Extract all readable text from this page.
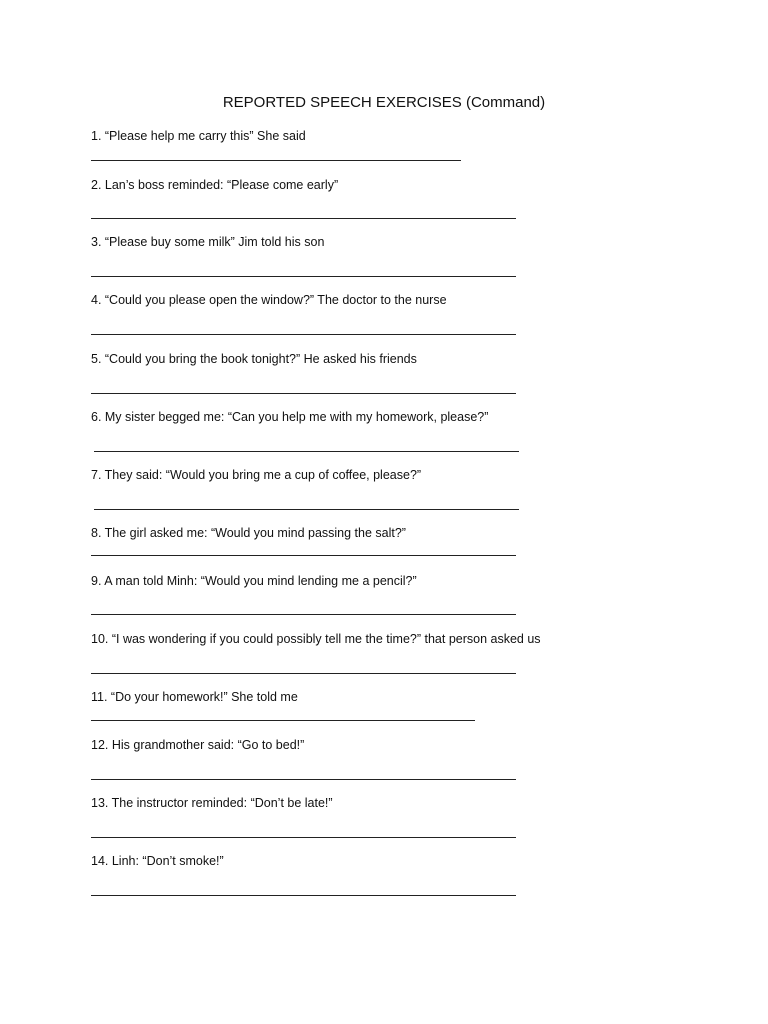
REPORTED SPEECH EXERCISES (Command)
1. “Please help me carry this” She said
2. Lan’s boss reminded: “Please come early”
3. “Please buy some milk” Jim told his son
4. “Could you please open the window?” The doctor to the nurse
5. “Could you bring the book tonight?” He asked his friends
6. My sister begged me: “Can you help me with my homework, please?”
7. They said: “Would you bring me a cup of coffee, please?”
8. The girl asked me: “Would you mind passing the salt?”
9. A man told Minh: “Would you mind lending me a pencil?”
10. “I was wondering if you could possibly tell me the time?” that person asked us
11. “Do your homework!” She told me
12. His grandmother said: “Go to bed!”
13. The instructor reminded: “Don’t be late!”
14. Linh: “Don’t smoke!”
